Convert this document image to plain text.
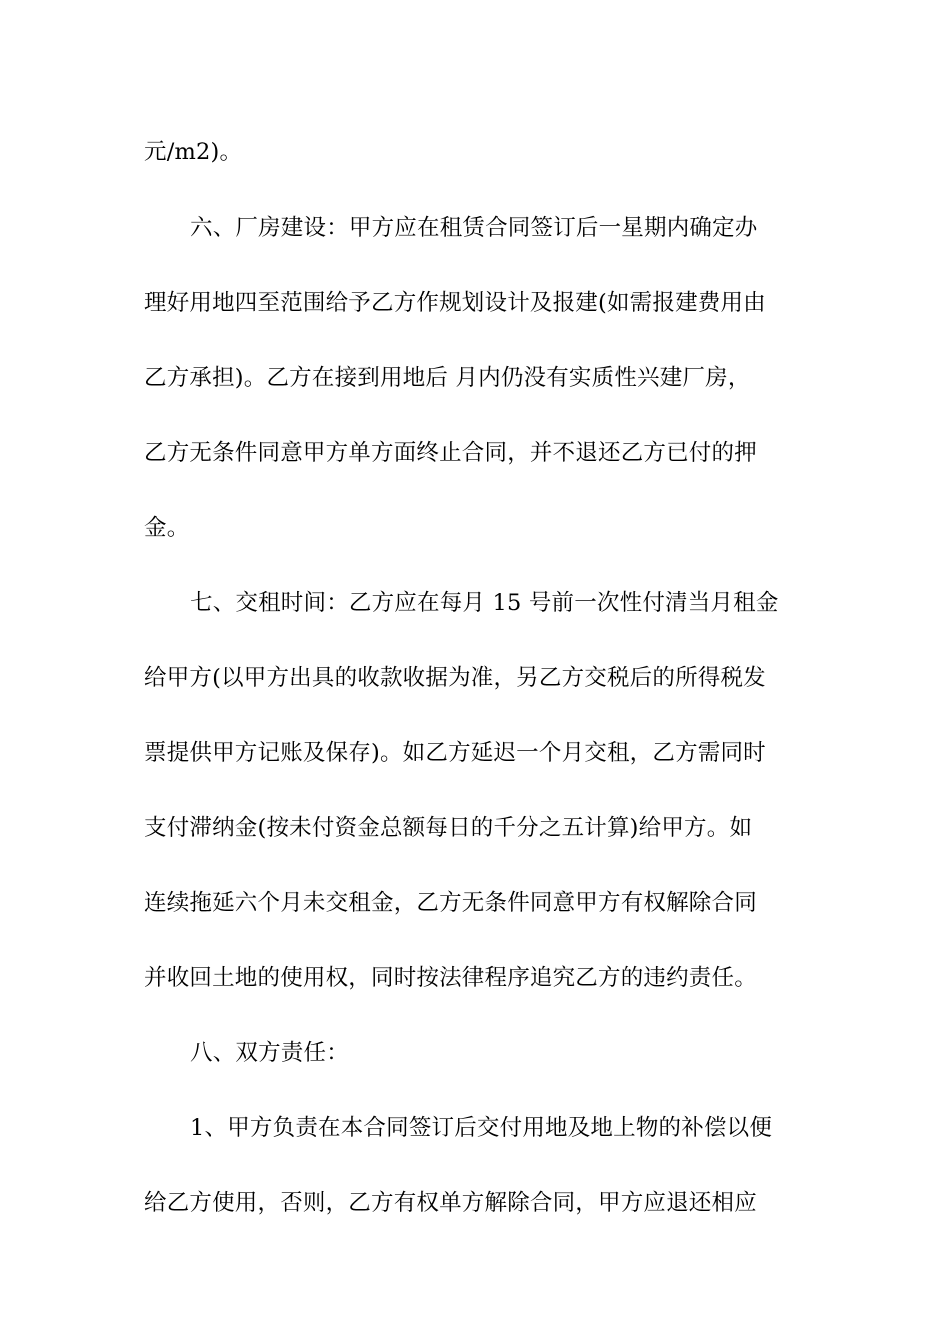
元/m2)。
六、厂房建设：甲方应在租赁合同签订后一星期内确定办
理好用地四至范围给予乙方作规划设计及报建(如需报建费用由
乙方承担)。乙方在接到用地后 月内仍没有实质性兴建厂房，
乙方无条件同意甲方单方面终止合同，并不退还乙方已付的押
金。
七、交租时间：乙方应在每月 15 号前一次性付清当月租金
给甲方(以甲方出具的收款收据为准，另乙方交税后的所得税发
票提供甲方记账及保存)。如乙方延迟一个月交租，乙方需同时
支付滞纳金(按未付资金总额每日的千分之五计算)给甲方。如
连续拖延六个月未交租金，乙方无条件同意甲方有权解除合同
并收回土地的使用权，同时按法律程序追究乙方的违约责任。
八、双方责任：
1、甲方负责在本合同签订后交付用地及地上物的补偿以便
给乙方使用，否则，乙方有权单方解除合同，甲方应退还相应
